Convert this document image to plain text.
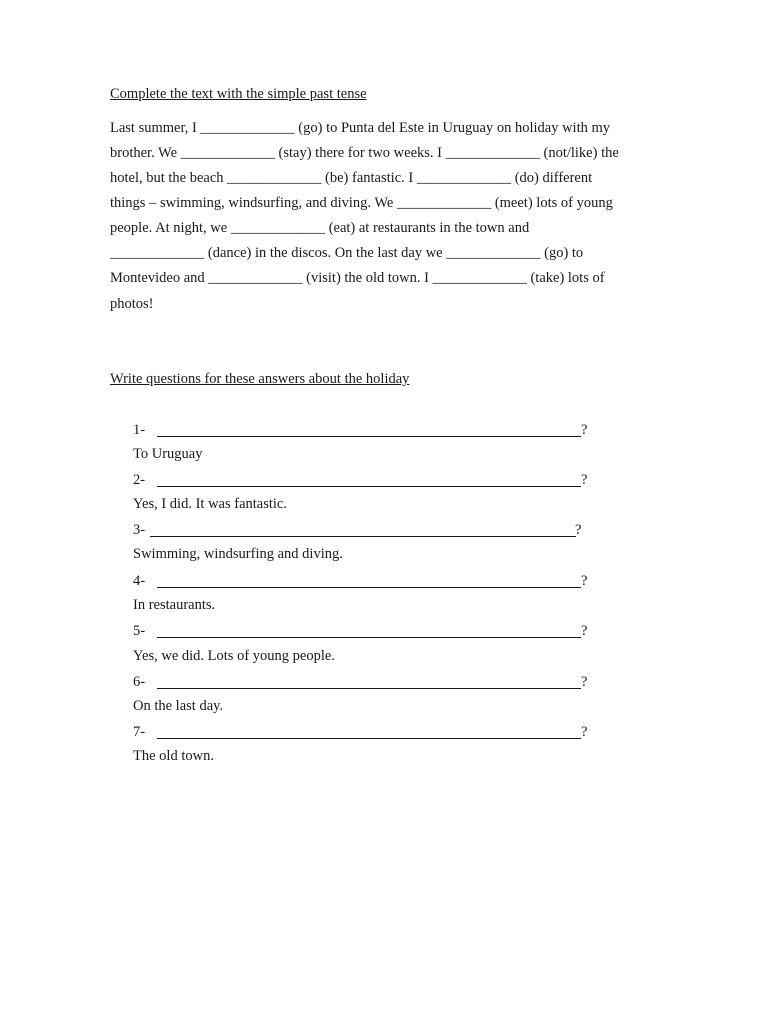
Complete the text with the simple past tense
Last summer, I _____________ (go) to Punta del Este in Uruguay on holiday with my
brother. We _____________ (stay) there for two weeks. I _____________ (not/like) the
hotel, but the beach _____________ (be) fantastic. I _____________ (do) different
things – swimming, windsurfing, and diving. We _____________ (meet) lots of young
people. At night, we _____________ (eat) at restaurants in the town and
_____________ (dance) in the discos. On the last day we _____________ (go) to
Montevideo and _____________ (visit) the old town. I _____________ (take) lots of
photos!
Write questions for these answers about the holiday
1-	?
To Uruguay
2-	?
Yes, I did. It was fantastic.
3-	?
Swimming, windsurfing and diving.
4-	?
In restaurants.
5-	?
Yes, we did. Lots of young people.
6-	?
On the last day.
7-	?
The old town.
